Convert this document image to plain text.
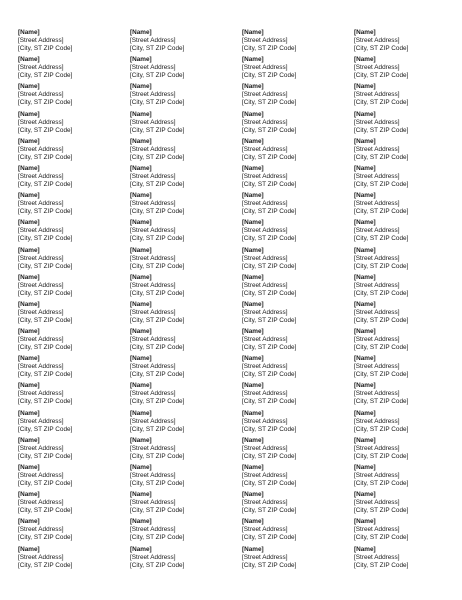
[Name]
[Street Address]
[City, ST ZIP Code]
[Name]
[Street Address]
[City, ST ZIP Code]
[Name]
[Street Address]
[City, ST ZIP Code]
[Name]
[Street Address]
[City, ST ZIP Code]
[Name]
[Street Address]
[City, ST ZIP Code]
[Name]
[Street Address]
[City, ST ZIP Code]
[Name]
[Street Address]
[City, ST ZIP Code]
[Name]
[Street Address]
[City, ST ZIP Code]
[Name]
[Street Address]
[City, ST ZIP Code]
[Name]
[Street Address]
[City, ST ZIP Code]
[Name]
[Street Address]
[City, ST ZIP Code]
[Name]
[Street Address]
[City, ST ZIP Code]
[Name]
[Street Address]
[City, ST ZIP Code]
[Name]
[Street Address]
[City, ST ZIP Code]
[Name]
[Street Address]
[City, ST ZIP Code]
[Name]
[Street Address]
[City, ST ZIP Code]
[Name]
[Street Address]
[City, ST ZIP Code]
[Name]
[Street Address]
[City, ST ZIP Code]
[Name]
[Street Address]
[City, ST ZIP Code]
[Name]
[Street Address]
[City, ST ZIP Code]
[Name]
[Street Address]
[City, ST ZIP Code]
[Name]
[Street Address]
[City, ST ZIP Code]
[Name]
[Street Address]
[City, ST ZIP Code]
[Name]
[Street Address]
[City, ST ZIP Code]
[Name]
[Street Address]
[City, ST ZIP Code]
[Name]
[Street Address]
[City, ST ZIP Code]
[Name]
[Street Address]
[City, ST ZIP Code]
[Name]
[Street Address]
[City, ST ZIP Code]
[Name]
[Street Address]
[City, ST ZIP Code]
[Name]
[Street Address]
[City, ST ZIP Code]
[Name]
[Street Address]
[City, ST ZIP Code]
[Name]
[Street Address]
[City, ST ZIP Code]
[Name]
[Street Address]
[City, ST ZIP Code]
[Name]
[Street Address]
[City, ST ZIP Code]
[Name]
[Street Address]
[City, ST ZIP Code]
[Name]
[Street Address]
[City, ST ZIP Code]
[Name]
[Street Address]
[City, ST ZIP Code]
[Name]
[Street Address]
[City, ST ZIP Code]
[Name]
[Street Address]
[City, ST ZIP Code]
[Name]
[Street Address]
[City, ST ZIP Code]
[Name]
[Street Address]
[City, ST ZIP Code]
[Name]
[Street Address]
[City, ST ZIP Code]
[Name]
[Street Address]
[City, ST ZIP Code]
[Name]
[Street Address]
[City, ST ZIP Code]
[Name]
[Street Address]
[City, ST ZIP Code]
[Name]
[Street Address]
[City, ST ZIP Code]
[Name]
[Street Address]
[City, ST ZIP Code]
[Name]
[Street Address]
[City, ST ZIP Code]
[Name]
[Street Address]
[City, ST ZIP Code]
[Name]
[Street Address]
[City, ST ZIP Code]
[Name]
[Street Address]
[City, ST ZIP Code]
[Name]
[Street Address]
[City, ST ZIP Code]
[Name]
[Street Address]
[City, ST ZIP Code]
[Name]
[Street Address]
[City, ST ZIP Code]
[Name]
[Street Address]
[City, ST ZIP Code]
[Name]
[Street Address]
[City, ST ZIP Code]
[Name]
[Street Address]
[City, ST ZIP Code]
[Name]
[Street Address]
[City, ST ZIP Code]
[Name]
[Street Address]
[City, ST ZIP Code]
[Name]
[Street Address]
[City, ST ZIP Code]
[Name]
[Street Address]
[City, ST ZIP Code]
[Name]
[Street Address]
[City, ST ZIP Code]
[Name]
[Street Address]
[City, ST ZIP Code]
[Name]
[Street Address]
[City, ST ZIP Code]
[Name]
[Street Address]
[City, ST ZIP Code]
[Name]
[Street Address]
[City, ST ZIP Code]
[Name]
[Street Address]
[City, ST ZIP Code]
[Name]
[Street Address]
[City, ST ZIP Code]
[Name]
[Street Address]
[City, ST ZIP Code]
[Name]
[Street Address]
[City, ST ZIP Code]
[Name]
[Street Address]
[City, ST ZIP Code]
[Name]
[Street Address]
[City, ST ZIP Code]
[Name]
[Street Address]
[City, ST ZIP Code]
[Name]
[Street Address]
[City, ST ZIP Code]
[Name]
[Street Address]
[City, ST ZIP Code]
[Name]
[Street Address]
[City, ST ZIP Code]
[Name]
[Street Address]
[City, ST ZIP Code]
[Name]
[Street Address]
[City, ST ZIP Code]
[Name]
[Street Address]
[City, ST ZIP Code]
[Name]
[Street Address]
[City, ST ZIP Code]
